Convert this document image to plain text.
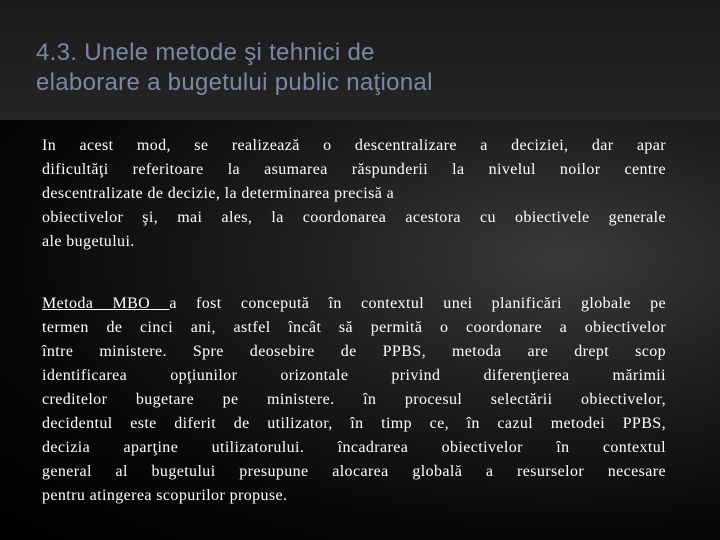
4.3. Unele metode şi tehnici de
elaborare a bugetului public naţional
In acest mod, se realizează o descentralizare a deciziei, dar apar
dificultăţi referitoare la asumarea răspunderii la nivelul noilor centre
descentralizate de decizie, la determinarea precisă a
obiectivelor şi, mai ales, la coordonarea acestora cu obiectivele generale
ale bugetului.
Metoda MBO a fost concepută în contextul unei planificări globale pe
termen de cinci ani, astfel încât să permită o coordonare a obiectivelor
între ministere. Spre deosebire de PPBS, metoda are drept scop
identificarea opţiunilor orizontale privind diferenţierea mărimii
creditelor bugetare pe ministere. în procesul selectării obiectivelor,
decidentul este diferit de utilizator, în timp ce, în cazul metodei PPBS,
decizia aparţine utilizatorului. încadrarea obiectivelor în contextul
general al bugetului presupune alocarea globală a resurselor necesare
pentru atingerea scopurilor propuse.
